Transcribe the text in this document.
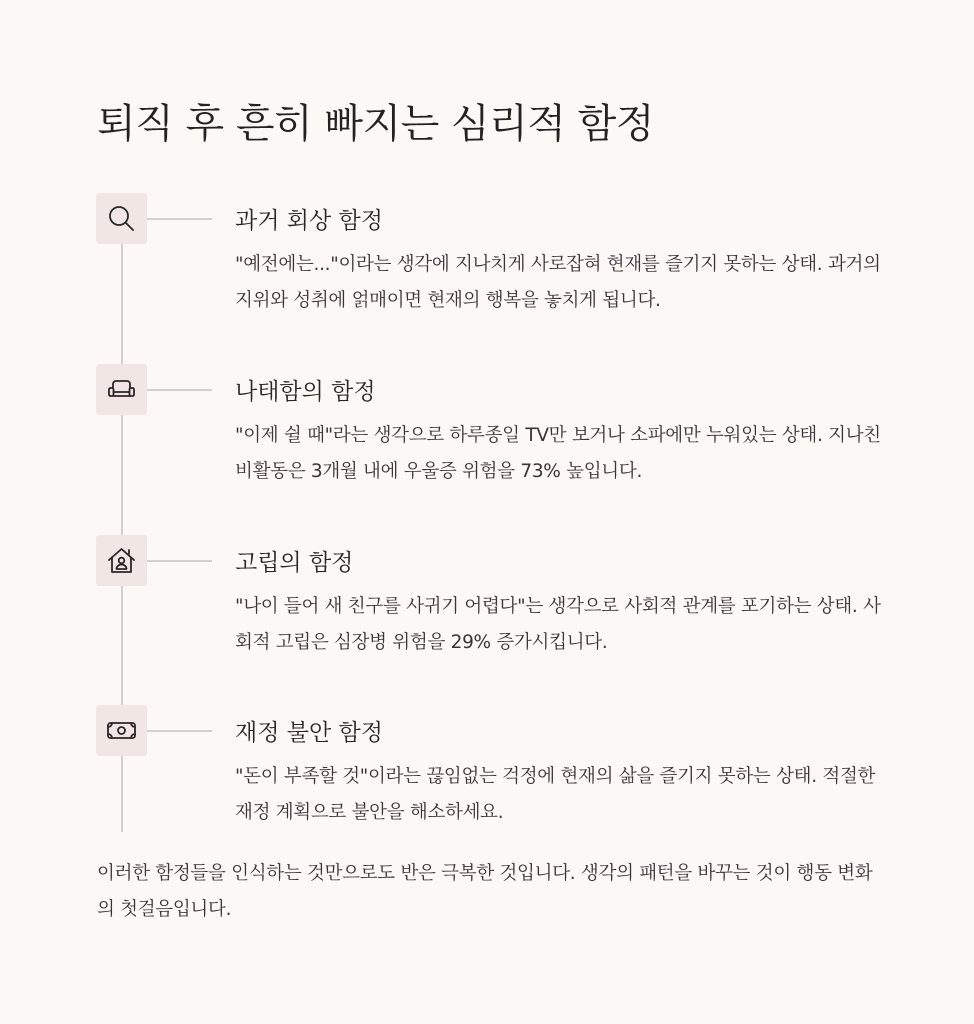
퇴직 후 흔히 빠지는 심리적 함정
과거 회상 함정

"예전에는..."이라는 생각에 지나치게 사로잡혀 현재를 즐기지 못하는 상태. 과거의 지위와 성취에 얽매이면 현재의 행복을 놓치게 됩니다.

나태함의 함정

"이제 쉴 때"라는 생각으로 하루종일 TV만 보거나 소파에만 누워있는 상태. 지나친 비활동은 3개월 내에 우울증 위험을 73% 높입니다.

고립의 함정

"나이 들어 새 친구를 사귀기 어렵다"는 생각으로 사회적 관계를 포기하는 상태. 사회적 고립은 심장병 위험을 29% 증가시킵니다.

재정 불안 함정

"돈이 부족할 것"이라는 끊임없는 걱정에 현재의 삶을 즐기지 못하는 상태. 적절한 재정 계획으로 불안을 해소하세요.

이러한 함정들을 인식하는 것만으로도 반은 극복한 것입니다. 생각의 패턴을 바꾸는 것이 행동 변화의 첫걸음입니다.
